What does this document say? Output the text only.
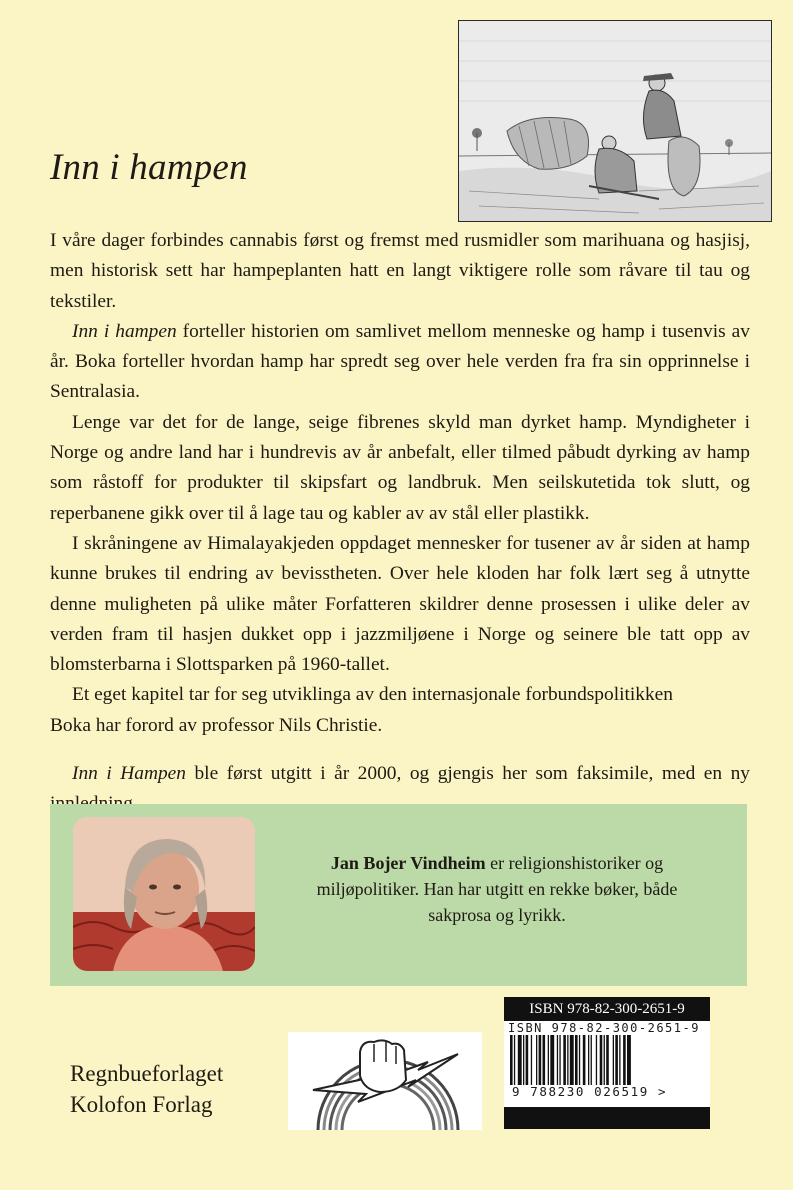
Inn i hampen

I våre dager forbindes cannabis først og fremst med rusmidler som marihuana og hasjisj, men historisk sett har hampeplanten hatt en langt viktigere rolle som råvare til tau og tekstiler.

Inn i hampen forteller historien om samlivet mellom menneske og hamp i tusenvis av år. Boka forteller hvordan hamp har spredt seg over hele verden fra fra sin opprinnelse i Sentralasia.

Lenge var det for de lange, seige fibrenes skyld man dyrket hamp. Myndigheter i Norge og andre land har i hundrevis av år anbefalt, eller tilmed påbudt dyrking av hamp som råstoff for produkter til skipsfart og landbruk. Men seilskutetida tok slutt, og reperbanene gikk over til å lage tau og kabler av av stål eller plastikk.

I skråningene av Himalayakjeden oppdaget mennesker for tusener av år siden at hamp kunne brukes til endring av bevisstheten. Over hele kloden har folk lært seg å utnytte denne muligheten på ulike måter Forfatteren skildrer denne prosessen i ulike deler av verden fram til hasjen dukket opp i jazzmiljøene i Norge og seinere ble tatt opp av blomsterbarna i Slottsparken på 1960-tallet.

Et eget kapitel tar for seg utviklinga av den internasjonale forbundspolitikken

Boka har forord av professor Nils Christie.

Inn i Hampen ble først utgitt i år 2000, og gjengis her som faksimile, med en ny

Jan Bojer Vindheim er religionshistoriker og miljøpolitiker. Han har utgitt en rekke bøker, både sakprosa og lyrikk.
Regnbueforlaget
Kolofon Forlag
ISBN 978-82-300-2651-9
ISBN 978-82-300-2651-9
9 788230 026519 >
